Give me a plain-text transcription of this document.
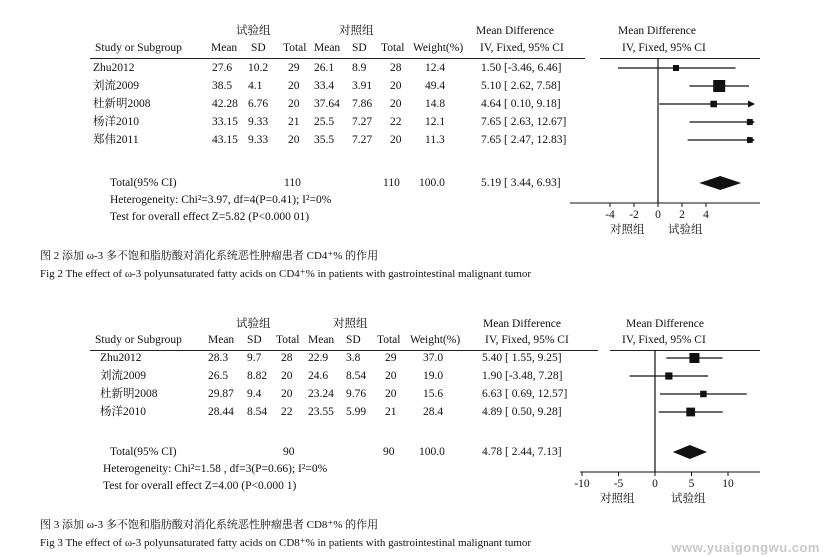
试验组	对照组	Mean Difference	Mean Difference
Study or Subgroup	Mean SD Total Mean SD Total Weight(%) IV, Fixed, 95% CI	IV, Fixed, 95% CI
Zhu2012	27.6 10.2 29 26.1 8.9 28 12.4	1.50 [-3.46, 6.46]
刘流2009	38.5 4.1 20 33.4 3.91 20 49.4	5.10 [ 2.62, 7.58]
杜新明2008	42.28 6.76 20 37.64 7.86 20 14.8	4.64 [ 0.10, 9.18]
杨洋2010	33.15 9.33 21 25.5 7.27 22 12.1	7.65 [ 2.63, 12.67]
郑伟2011	43.15 9.33 20 35.5 7.27 20 11.3	7.65 [ 2.47, 12.83]
Total(95% CI)	110	110 100.0	5.19 [ 3.44, 6.93]
Heterogeneity: Chi²=3.97, df=4(P=0.41); I²=0%
Test for overall effect Z=5.82 (P<0.000 01)	-4 -2 0 2 4
对照组 试验组
图 2 添加 ω-3 多不饱和脂肪酸对消化系统恶性肿瘤患者 CD4⁺% 的作用
Fig 2 The effect of ω-3 polyunsaturated fatty acids on CD4⁺% in patients with gastrointestinal malignant tumor
试验组	对照组	Mean Difference	Mean Difference
Study or Subgroup Mean SD Total Mean SD Total Weight(%) IV, Fixed, 95% CI	IV, Fixed, 95% CI
Zhu2012	28.3 9.7 28 22.9 3.8 29 37.0	5.40 [ 1.55, 9.25]
刘流2009	26.5 8.82 20 24.6 8.54 20 19.0	1.90 [-3.48, 7.28]
杜新明2008	29.87 9.4 20 23.24 9.76 20 15.6	6.63 [ 0.69, 12.57]
杨洋2010	28.44 8.54 22 23.55 5.99 21 28.4	4.89 [ 0.50, 9.28]
Total(95% CI)	90	90 100.0	4.78 [ 2.44, 7.13]
Heterogeneity: Chi²=1.58 , df=3(P=0.66); I²=0%
Test for overall effect Z=4.00 (P<0.000 1)	-10 -5	0	5 10
对照组	试验组
图 3 添加 ω-3 多不饱和脂肪酸对消化系统恶性肿瘤患者 CD8⁺% 的作用
Fig 3 The effect of ω-3 polyunsaturated fatty acids on CD8⁺% in patients with gastrointestinal malignant tumor	www.yuaigongwu.com
